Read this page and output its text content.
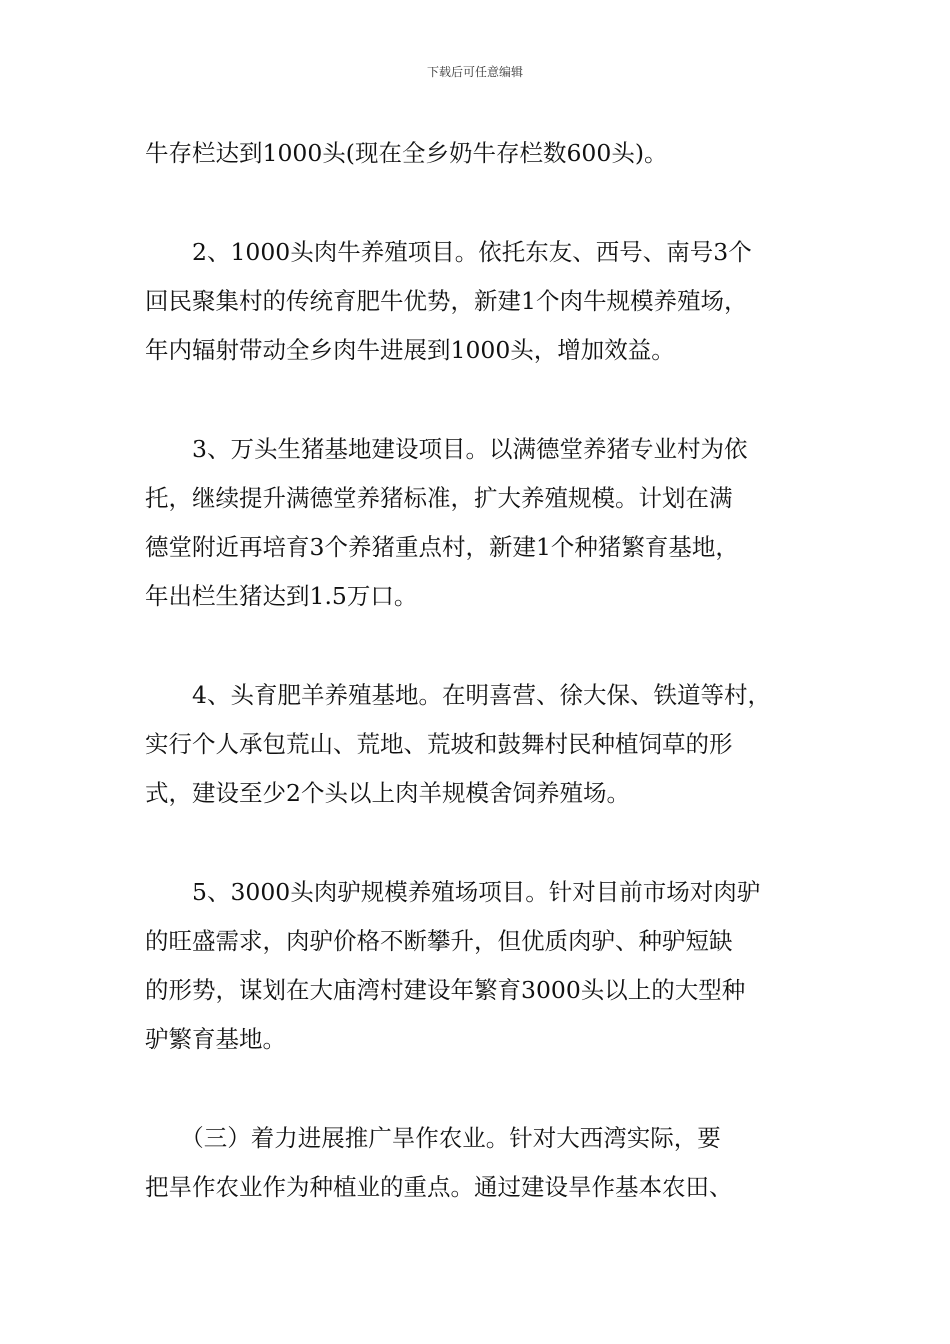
下载后可任意编辑

牛存栏达到1000头(现在全乡奶牛存栏数600头)。

　　2、1000头肉牛养殖项目。依托东友、西号、南号3个
回民聚集村的传统育肥牛优势，新建1个肉牛规模养殖场，
年内辐射带动全乡肉牛进展到1000头，增加效益。

　　3、万头生猪基地建设项目。以满德堂养猪专业村为依
托，继续提升满德堂养猪标准，扩大养殖规模。计划在满
德堂附近再培育3个养猪重点村，新建1个种猪繁育基地，
年出栏生猪达到1.5万口。

　　4、头育肥羊养殖基地。在明喜营、徐大保、铁道等村，
实行个人承包荒山、荒地、荒坡和鼓舞村民种植饲草的形
式，建设至少2个头以上肉羊规模舍饲养殖场。

　　5、3000头肉驴规模养殖场项目。针对目前市场对肉驴
的旺盛需求，肉驴价格不断攀升，但优质肉驴、种驴短缺
的形势，谋划在大庙湾村建设年繁育3000头以上的大型种
驴繁育基地。

　　（三）着力进展推广旱作农业。针对大西湾实际，要
把旱作农业作为种植业的重点。通过建设旱作基本农田、
